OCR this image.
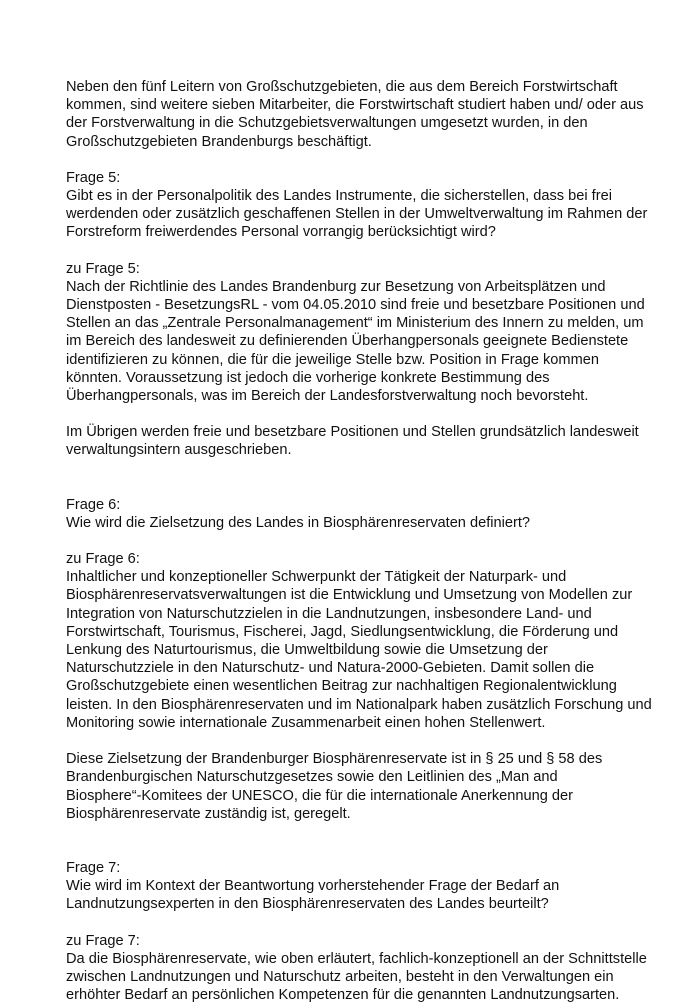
Neben den fünf Leitern von Großschutzgebieten, die aus dem Bereich Forstwirtschaft
kommen, sind weitere sieben Mitarbeiter, die Forstwirtschaft studiert haben und/ oder aus
der Forstverwaltung in die Schutzgebietsverwaltungen umgesetzt wurden, in den
Großschutzgebieten Brandenburgs beschäftigt.

Frage 5:
Gibt es in der Personalpolitik des Landes Instrumente, die sicherstellen, dass bei frei
werdenden oder zusätzlich geschaffenen Stellen in der Umweltverwaltung im Rahmen der
Forstreform freiwerdendes Personal vorrangig berücksichtigt wird?

zu Frage 5:
Nach der Richtlinie des Landes Brandenburg zur Besetzung von Arbeitsplätzen und
Dienstposten - BesetzungsRL - vom 04.05.2010 sind freie und besetzbare Positionen und
Stellen an das „Zentrale Personalmanagement“ im Ministerium des Innern zu melden, um
im Bereich des landesweit zu definierenden Überhangpersonals geeignete Bedienstete
identifizieren zu können, die für die jeweilige Stelle bzw. Position in Frage kommen
könnten. Voraussetzung ist jedoch die vorherige konkrete Bestimmung des
Überhangpersonals, was im Bereich der Landesforstverwaltung noch bevorsteht.

Im Übrigen werden freie und besetzbare Positionen und Stellen grundsätzlich landesweit
verwaltungsintern ausgeschrieben.

Frage 6:
Wie wird die Zielsetzung des Landes in Biosphärenreservaten definiert?

zu Frage 6:
Inhaltlicher und konzeptioneller Schwerpunkt der Tätigkeit der Naturpark- und
Biosphärenreservatsverwaltungen ist die Entwicklung und Umsetzung von Modellen zur
Integration von Naturschutzzielen in die Landnutzungen, insbesondere Land- und
Forstwirtschaft, Tourismus, Fischerei, Jagd, Siedlungsentwicklung, die Förderung und
Lenkung des Naturtourismus, die Umweltbildung sowie die Umsetzung der
Naturschutzziele in den Naturschutz- und Natura-2000-Gebieten. Damit sollen die
Großschutzgebiete einen wesentlichen Beitrag zur nachhaltigen Regionalentwicklung
leisten. In den Biosphärenreservaten und im Nationalpark haben zusätzlich Forschung und
Monitoring sowie internationale Zusammenarbeit einen hohen Stellenwert.

Diese Zielsetzung der Brandenburger Biosphärenreservate ist in § 25 und § 58 des
Brandenburgischen Naturschutzgesetzes sowie den Leitlinien des „Man and
Biosphere“-Komitees der UNESCO, die für die internationale Anerkennung der
Biosphärenreservate zuständig ist, geregelt.

Frage 7:
Wie wird im Kontext der Beantwortung vorherstehender Frage der Bedarf an
Landnutzungsexperten in den Biosphärenreservaten des Landes beurteilt?

zu Frage 7:
Da die Biosphärenreservate, wie oben erläutert, fachlich-konzeptionell an der Schnittstelle
zwischen Landnutzungen und Naturschutz arbeiten, besteht in den Verwaltungen ein
erhöhter Bedarf an persönlichen Kompetenzen für die genannten Landnutzungsarten.
